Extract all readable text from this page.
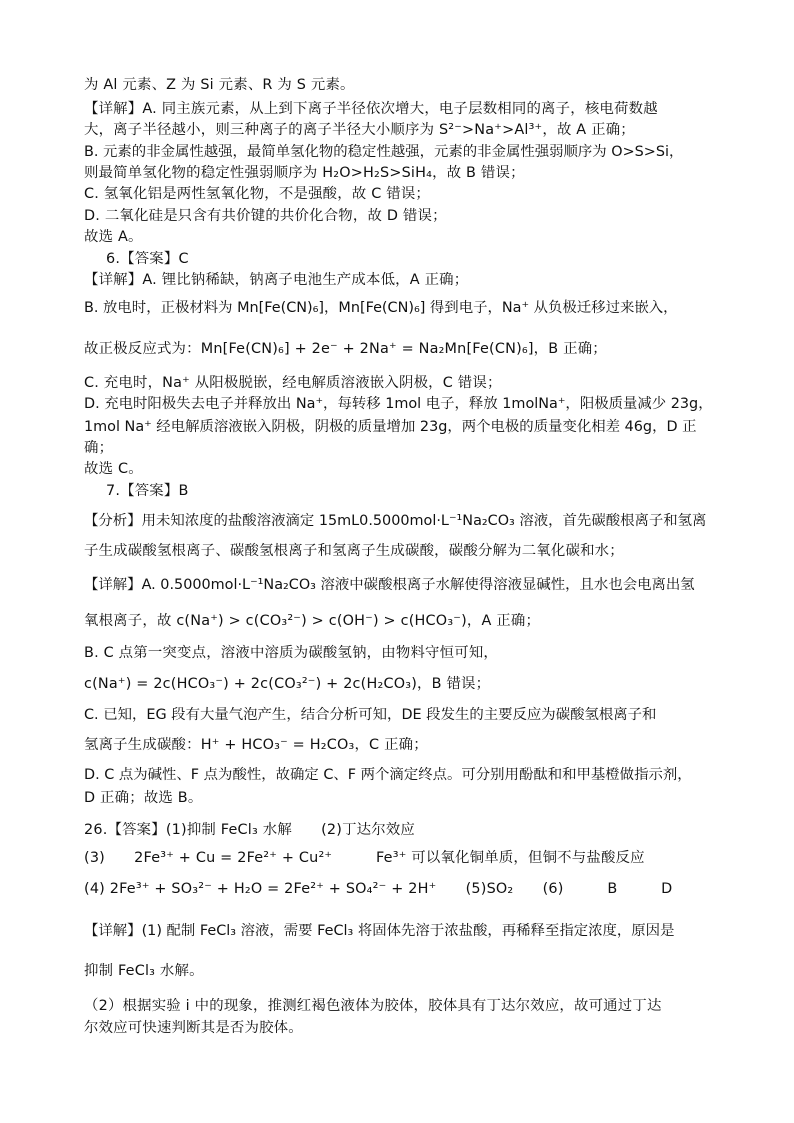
为 Al 元素、Z 为 Si 元素、R 为 S 元素。
【详解】A. 同主族元素，从上到下离子半径依次增大，电子层数相同的离子，核电荷数越
大，离子半径越小，则三种离子的离子半径大小顺序为 S²⁻>Na⁺>Al³⁺，故 A 正确；
B. 元素的非金属性越强，最简单氢化物的稳定性越强，元素的非金属性强弱顺序为 O>S>Si，
则最简单氢化物的稳定性强弱顺序为 H₂O>H₂S>SiH₄，故 B 错误；
C. 氢氧化铝是两性氢氧化物，不是强酸，故 C 错误；
D. 二氧化硅是只含有共价键的共价化合物，故 D 错误；
故选 A。
6.【答案】C
【详解】A. 锂比钠稀缺，钠离子电池生产成本低，A 正确；
B. 放电时，正极材料为 Mn[Fe(CN)₆]，Mn[Fe(CN)₆] 得到电子，Na⁺ 从负极迁移过来嵌入，
故正极反应式为：Mn[Fe(CN)₆] + 2e⁻ + 2Na⁺ = Na₂Mn[Fe(CN)₆]，B 正确；
C. 充电时，Na⁺ 从阳极脱嵌，经电解质溶液嵌入阴极，C 错误；
D. 充电时阳极失去电子并释放出 Na⁺，每转移 1mol 电子，释放 1molNa⁺，阳极质量减少 23g，
1mol Na⁺ 经电解质溶液嵌入阴极，阴极的质量增加 23g，两个电极的质量变化相差 46g，D 正
确；
故选 C。
7.【答案】B
【分析】用未知浓度的盐酸溶液滴定 15mL0.5000mol·L⁻¹Na₂CO₃ 溶液，首先碳酸根离子和氢离
子生成碳酸氢根离子、碳酸氢根离子和氢离子生成碳酸，碳酸分解为二氧化碳和水；
【详解】A. 0.5000mol·L⁻¹Na₂CO₃ 溶液中碳酸根离子水解使得溶液显碱性，且水也会电离出氢
氧根离子，故 c(Na⁺) > c(CO₃²⁻) > c(OH⁻) > c(HCO₃⁻)，A 正确；
B. C 点第一突变点，溶液中溶质为碳酸氢钠，由物料守恒可知，
c(Na⁺) = 2c(HCO₃⁻) + 2c(CO₃²⁻) + 2c(H₂CO₃)，B 错误；
C. 已知，EG 段有大量气泡产生，结合分析可知，DE 段发生的主要反应为碳酸氢根离子和
氢离子生成碳酸：H⁺ + HCO₃⁻ = H₂CO₃，C 正确；
D. C 点为碱性、F 点为酸性，故确定 C、F 两个滴定终点。可分别用酚酞和和甲基橙做指示剂，
D 正确；故选 B。
26.【答案】(1)抑制 FeCl₃ 水解　　(2)丁达尔效应
(3)　　2Fe³⁺ + Cu = 2Fe²⁺ + Cu²⁺　　　Fe³⁺ 可以氧化铜单质，但铜不与盐酸反应
(4) 2Fe³⁺ + SO₃²⁻ + H₂O = 2Fe²⁺ + SO₄²⁻ + 2H⁺　　(5)SO₂　　(6)　　　B　　　D
【详解】(1) 配制 FeCl₃ 溶液，需要 FeCl₃ 将固体先溶于浓盐酸，再稀释至指定浓度，原因是
抑制 FeCl₃ 水解。
（2）根据实验 i 中的现象，推测红褐色液体为胶体，胶体具有丁达尔效应，故可通过丁达
尔效应可快速判断其是否为胶体。
